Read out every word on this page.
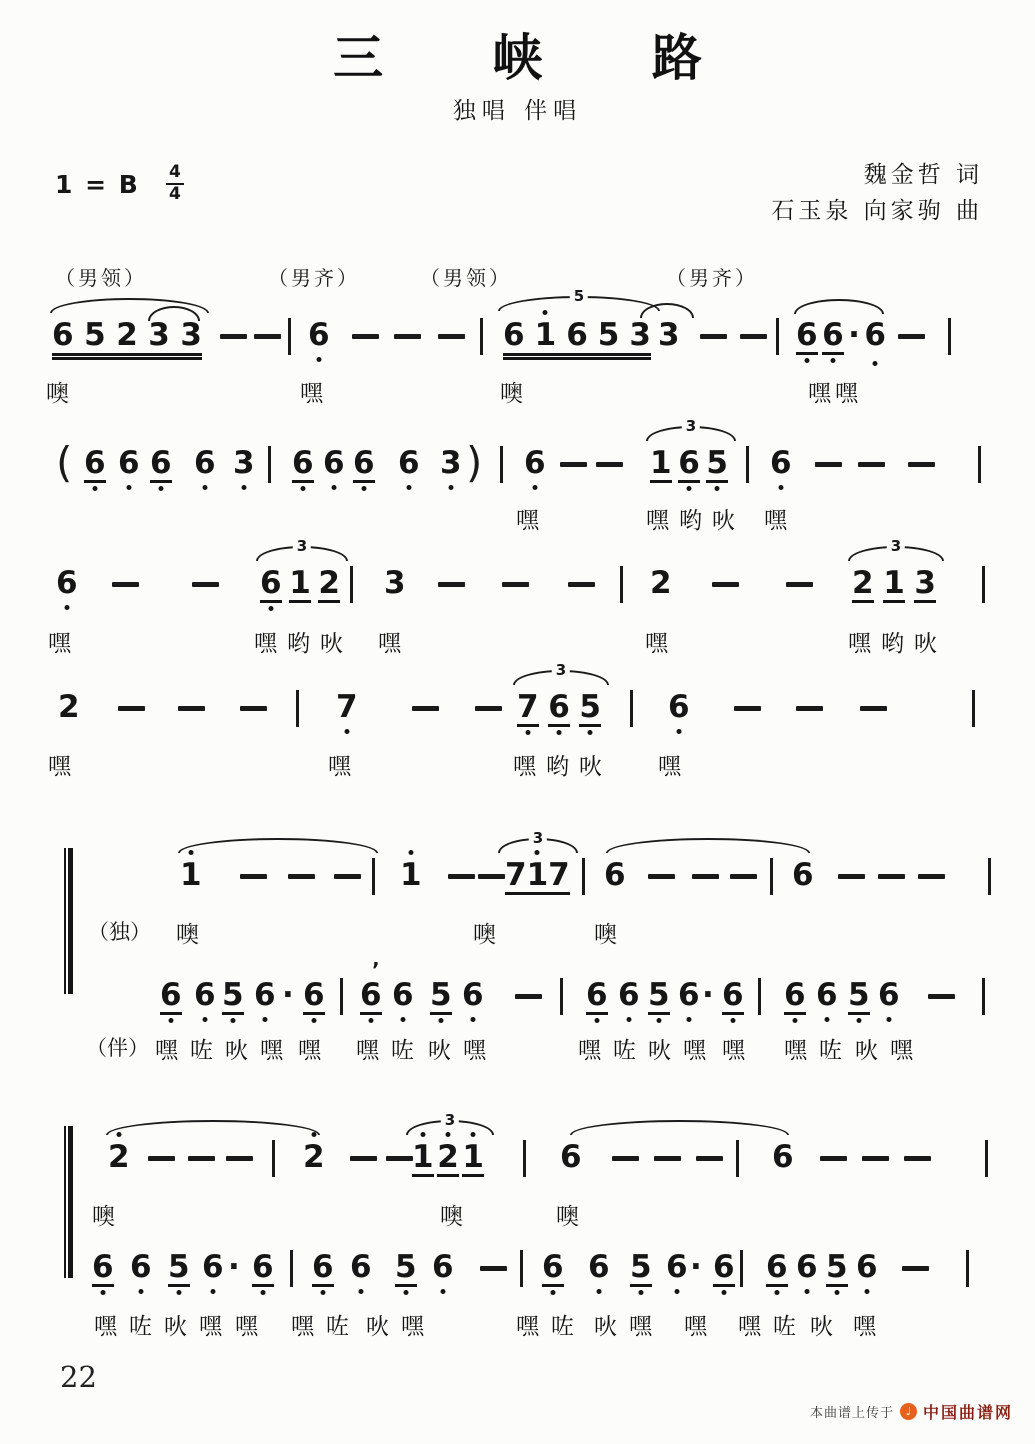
三 峡 路
独唱 伴唱
1 = B $\frac{4}{4}$	魏金哲 词
石玉泉 向家驹 曲
（男领）	（男齐）	（男领）	（男齐）
6 5 2 3 3	6	6 1 6 5 3 3	6 6 · 6
5
噢	嘿	噢	嘿嘿
( 6 6 6 6 3 6 6 6 6 3 ) 6	1 6 5 6
3
嘿	嘿哟吙 嘿
6	6 1 2 3	2	2 1 3
3	3
嘿	嘿哟吙 嘿	嘿	嘿哟吙
2	7	7 6 5 6
3
嘿	嘿	嘿哟吙 嘿
1	1	7 1 7 6	6
3
（独） 噢	噢	噢
6 6 5 6 · 6
’
6 6 5 6	6 6 5 6 · 6 6 6 5 6
（伴） 嘿咗吙嘿 嘿 嘿咗 吙嘿	嘿咗吙嘿 嘿 嘿咗 吙嘿
2	2	1 2 1 6	6
3
噢	噢	噢
6 6 5 6 · 6 6 6 5 6	6 6 5 6 · 6 6 6 5 6
嘿咗吙嘿 嘿 嘿咗 吙嘿	嘿咗 吙嘿 嘿 嘿咗 吙 嘿
22
本曲谱上传于	♩ 中国曲谱网
